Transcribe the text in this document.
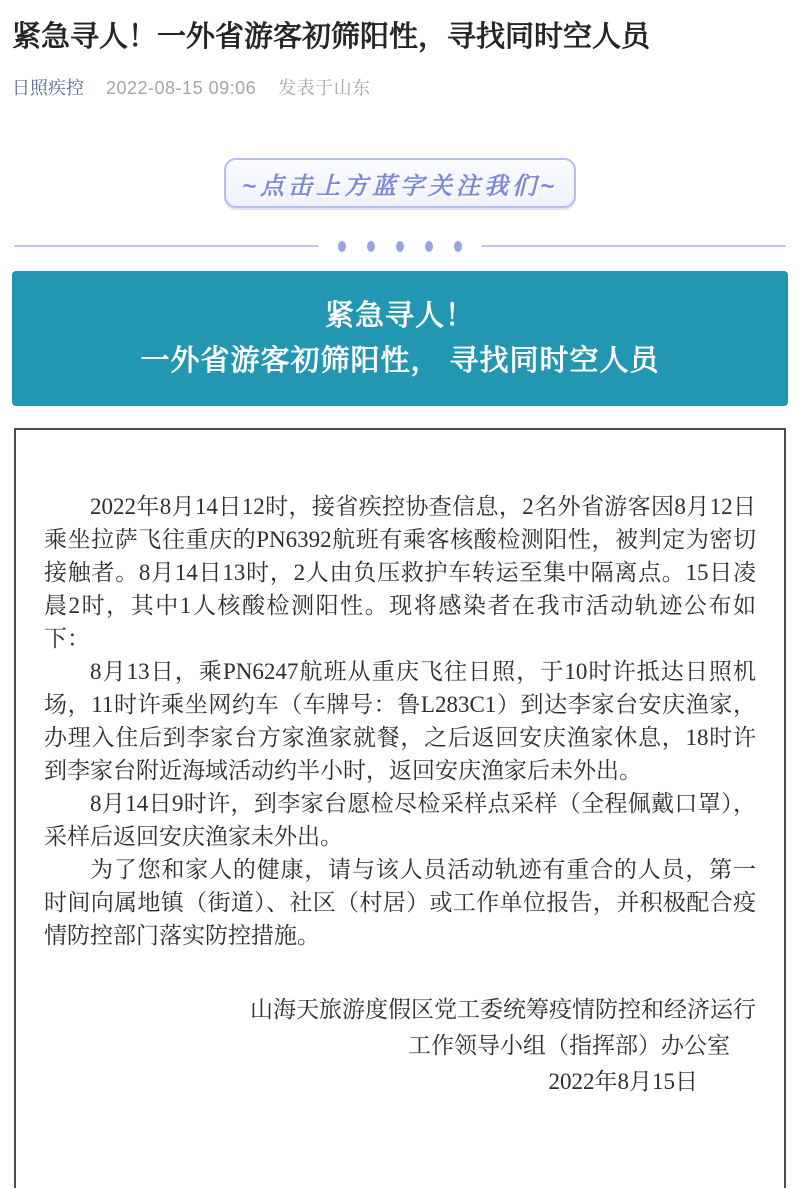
紧急寻人！一外省游客初筛阳性，寻找同时空人员
日照疾控 2022-08-15 09:06 发表于山东
~点击上方蓝字关注我们~
紧急寻人！
一外省游客初筛阳性， 寻找同时空人员

2022年8月14日12时，接省疾控协查信息，2名外省游客因8月12日乘坐拉萨飞往重庆的PN6392航班有乘客核酸检测阳性，被判定为密切接触者。8月14日13时，2人由负压救护车转运至集中隔离点。15日凌晨2时，其中1人核酸检测阳性。现将感染者在我市活动轨迹公布如下：

8月13日，乘PN6247航班从重庆飞往日照，于10时许抵达日照机场，11时许乘坐网约车（车牌号：鲁L283C1）到达李家台安庆渔家，办理入住后到李家台方家渔家就餐，之后返回安庆渔家休息，18时许到李家台附近海域活动约半小时，返回安庆渔家后未外出。

8月14日9时许，到李家台愿检尽检采样点采样（全程佩戴口罩），采样后返回安庆渔家未外出。

为了您和家人的健康，请与该人员活动轨迹有重合的人员，第一时间向属地镇（街道）、社区（村居）或工作单位报告，并积极配合疫情防控部门落实防控措施。

山海天旅游度假区党工委统筹疫情防控和经济运行
工作领导小组（指挥部）办公室
2022年8月15日
